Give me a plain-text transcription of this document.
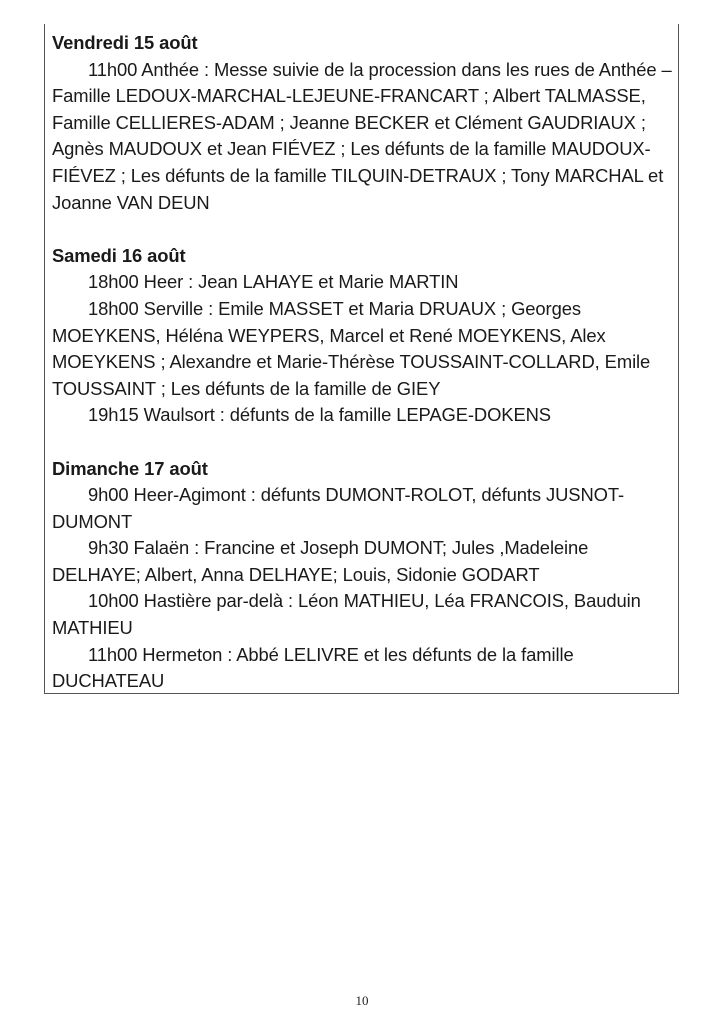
Vendredi 15 août

11h00 Anthée : Messe suivie de la procession dans les rues de Anthée – Famille LEDOUX-MARCHAL-LEJEUNE-FRANCART ; Albert TALMASSE, Famille CELLIERES-ADAM ; Jeanne BECKER et Clément GAUDRIAUX ; Agnès MAUDOUX et Jean FIÉVEZ ; Les défunts de la famille MAUDOUX-FIÉVEZ ; Les défunts de la famille TILQUIN-DETRAUX ; Tony MARCHAL et Joanne VAN DEUN

Samedi 16 août

18h00 Heer : Jean LAHAYE et Marie MARTIN

18h00 Serville : Emile MASSET et Maria DRUAUX ; Georges MOEYKENS, Héléna WEYPERS, Marcel et René MOEYKENS, Alex MOEYKENS ; Alexandre et Marie-Thérèse TOUSSAINT-COLLARD, Emile TOUSSAINT ; Les défunts de la famille de GIEY

19h15 Waulsort : défunts de la famille LEPAGE-DOKENS

Dimanche 17 août

9h00 Heer-Agimont : défunts DUMONT-ROLOT, défunts JUSNOT-DUMONT

9h30 Falaën : Francine et Joseph DUMONT; Jules ,Madeleine DELHAYE; Albert, Anna DELHAYE; Louis, Sidonie GODART

10h00 Hastière par-delà : Léon MATHIEU, Léa FRANCOIS, Bauduin MATHIEU

11h00 Hermeton : Abbé LELIVRE et les défunts de la famille DUCHATEAU

10
